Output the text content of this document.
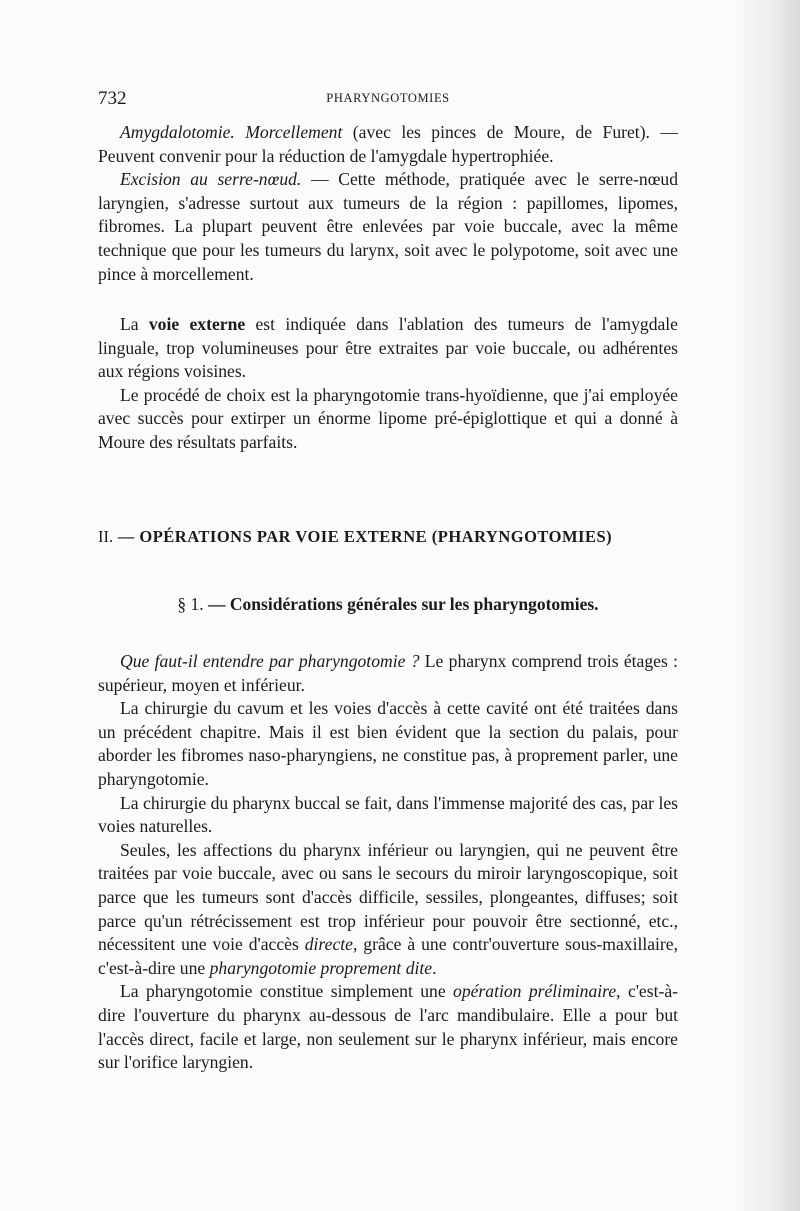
732	PHARYNGOTOMIES

Amygdalotomie. Morcellement (avec les pinces de Moure, de Furet). — Peuvent convenir pour la réduction de l'amygdale hypertrophiée.

Excision au serre-nœud. — Cette méthode, pratiquée avec le serre-nœud laryngien, s'adresse surtout aux tumeurs de la région : papillomes, lipomes, fibromes. La plupart peuvent être enlevées par voie buccale, avec la même technique que pour les tumeurs du larynx, soit avec le polypotome, soit avec une pince à morcellement.

La voie externe est indiquée dans l'ablation des tumeurs de l'amygdale linguale, trop volumineuses pour être extraites par voie buccale, ou adhérentes aux régions voisines.

Le procédé de choix est la pharyngotomie trans-hyoïdienne, que j'ai employée avec succès pour extirper un énorme lipome pré-épiglottique et qui a donné à Moure des résultats parfaits.

II. — OPÉRATIONS PAR VOIE EXTERNE (PHARYNGOTOMIES)
§ 1. — Considérations générales sur les pharyngotomies.

Que faut-il entendre par pharyngotomie ? Le pharynx comprend trois étages : supérieur, moyen et inférieur.

La chirurgie du cavum et les voies d'accès à cette cavité ont été traitées dans un précédent chapitre. Mais il est bien évident que la section du palais, pour aborder les fibromes naso-pharyngiens, ne constitue pas, à proprement parler, une pharyngotomie.

La chirurgie du pharynx buccal se fait, dans l'immense majorité des cas, par les voies naturelles.

Seules, les affections du pharynx inférieur ou laryngien, qui ne peuvent être traitées par voie buccale, avec ou sans le secours du miroir laryngoscopique, soit parce que les tumeurs sont d'accès difficile, sessiles, plongeantes, diffuses; soit parce qu'un rétrécissement est trop inférieur pour pouvoir être sectionné, etc., nécessitent une voie d'accès directe, grâce à une contr'ouverture sous-maxillaire, c'est-à-dire une pharyngotomie proprement dite.

La pharyngotomie constitue simplement une opération préliminaire, c'est-à-dire l'ouverture du pharynx au-dessous de l'arc mandibulaire. Elle a pour but l'accès direct, facile et large, non seulement sur le pharynx inférieur, mais encore sur l'orifice laryngien.
